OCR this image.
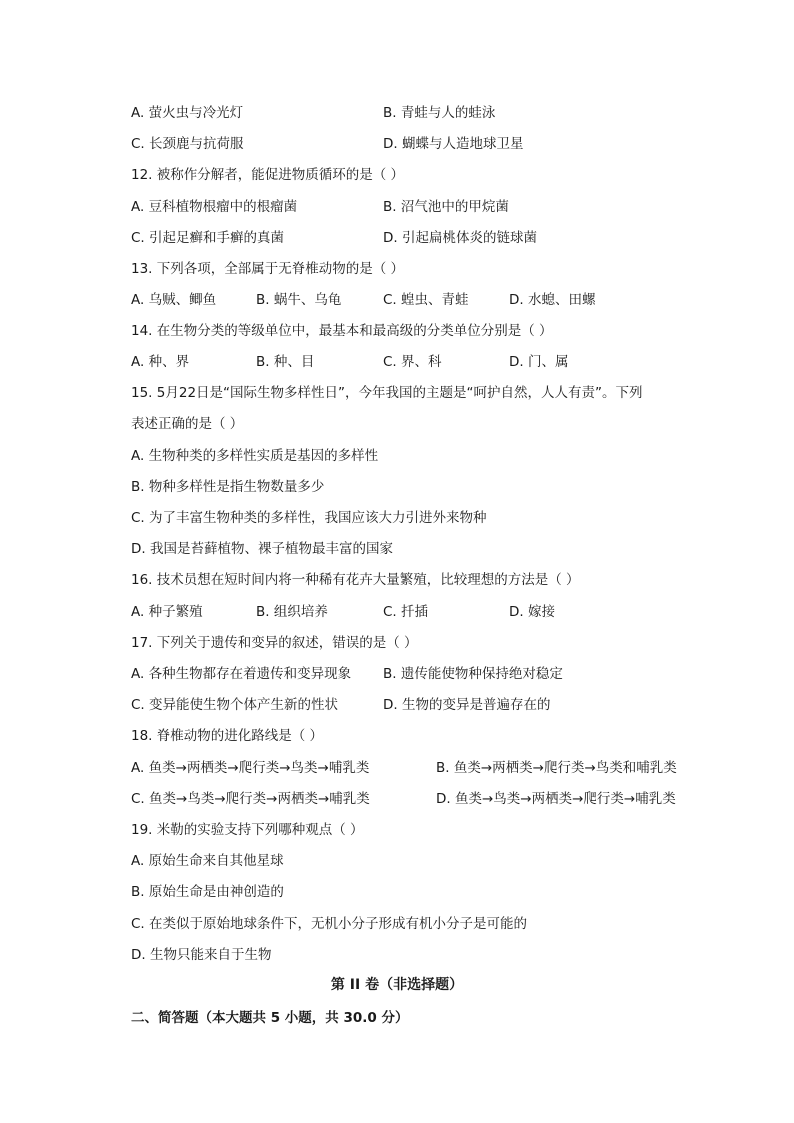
A. 萤火虫与冷光灯	B. 青蛙与人的蛙泳
C. 长颈鹿与抗荷服	D. 蝴蝶与人造地球卫星
12. 被称作分解者，能促进物质循环的是（ ）
A. 豆科植物根瘤中的根瘤菌	B. 沼气池中的甲烷菌
C. 引起足癣和手癣的真菌	D. 引起扁桃体炎的链球菌
13. 下列各项，全部属于无脊椎动物的是（ ）
A. 乌贼、鲫鱼	B. 蜗牛、乌龟	C. 蝗虫、青蛙	D. 水螅、田螺
14. 在生物分类的等级单位中，最基本和最高级的分类单位分别是（ ）
A. 种、界	B. 种、目	C. 界、科	D. 门、属
15. 5月22日是“国际生物多样性日”，今年我国的主题是“呵护自然，人人有责”。下列
表述正确的是（ ）
A. 生物种类的多样性实质是基因的多样性
B. 物种多样性是指生物数量多少
C. 为了丰富生物种类的多样性，我国应该大力引进外来物种
D. 我国是苔藓植物、裸子植物最丰富的国家
16. 技术员想在短时间内将一种稀有花卉大量繁殖，比较理想的方法是（ ）
A. 种子繁殖	B. 组织培养	C. 扦插	D. 嫁接
17. 下列关于遗传和变异的叙述，错误的是（ ）
A. 各种生物都存在着遗传和变异现象 B. 遗传能使物种保持绝对稳定
C. 变异能使生物个体产生新的性状	D. 生物的变异是普遍存在的
18. 脊椎动物的进化路线是（ ）
A. 鱼类→两栖类→爬行类→鸟类→哺乳类	B. 鱼类→两栖类→爬行类→鸟类和哺乳类
C. 鱼类→鸟类→爬行类→两栖类→哺乳类	D. 鱼类→鸟类→两栖类→爬行类→哺乳类
19. 米勒的实验支持下列哪种观点（ ）
A. 原始生命来自其他星球
B. 原始生命是由神创造的
C. 在类似于原始地球条件下，无机小分子形成有机小分子是可能的
D. 生物只能来自于生物
第 II 卷（非选择题）
二、简答题（本大题共 5 小题，共 30.0 分）
